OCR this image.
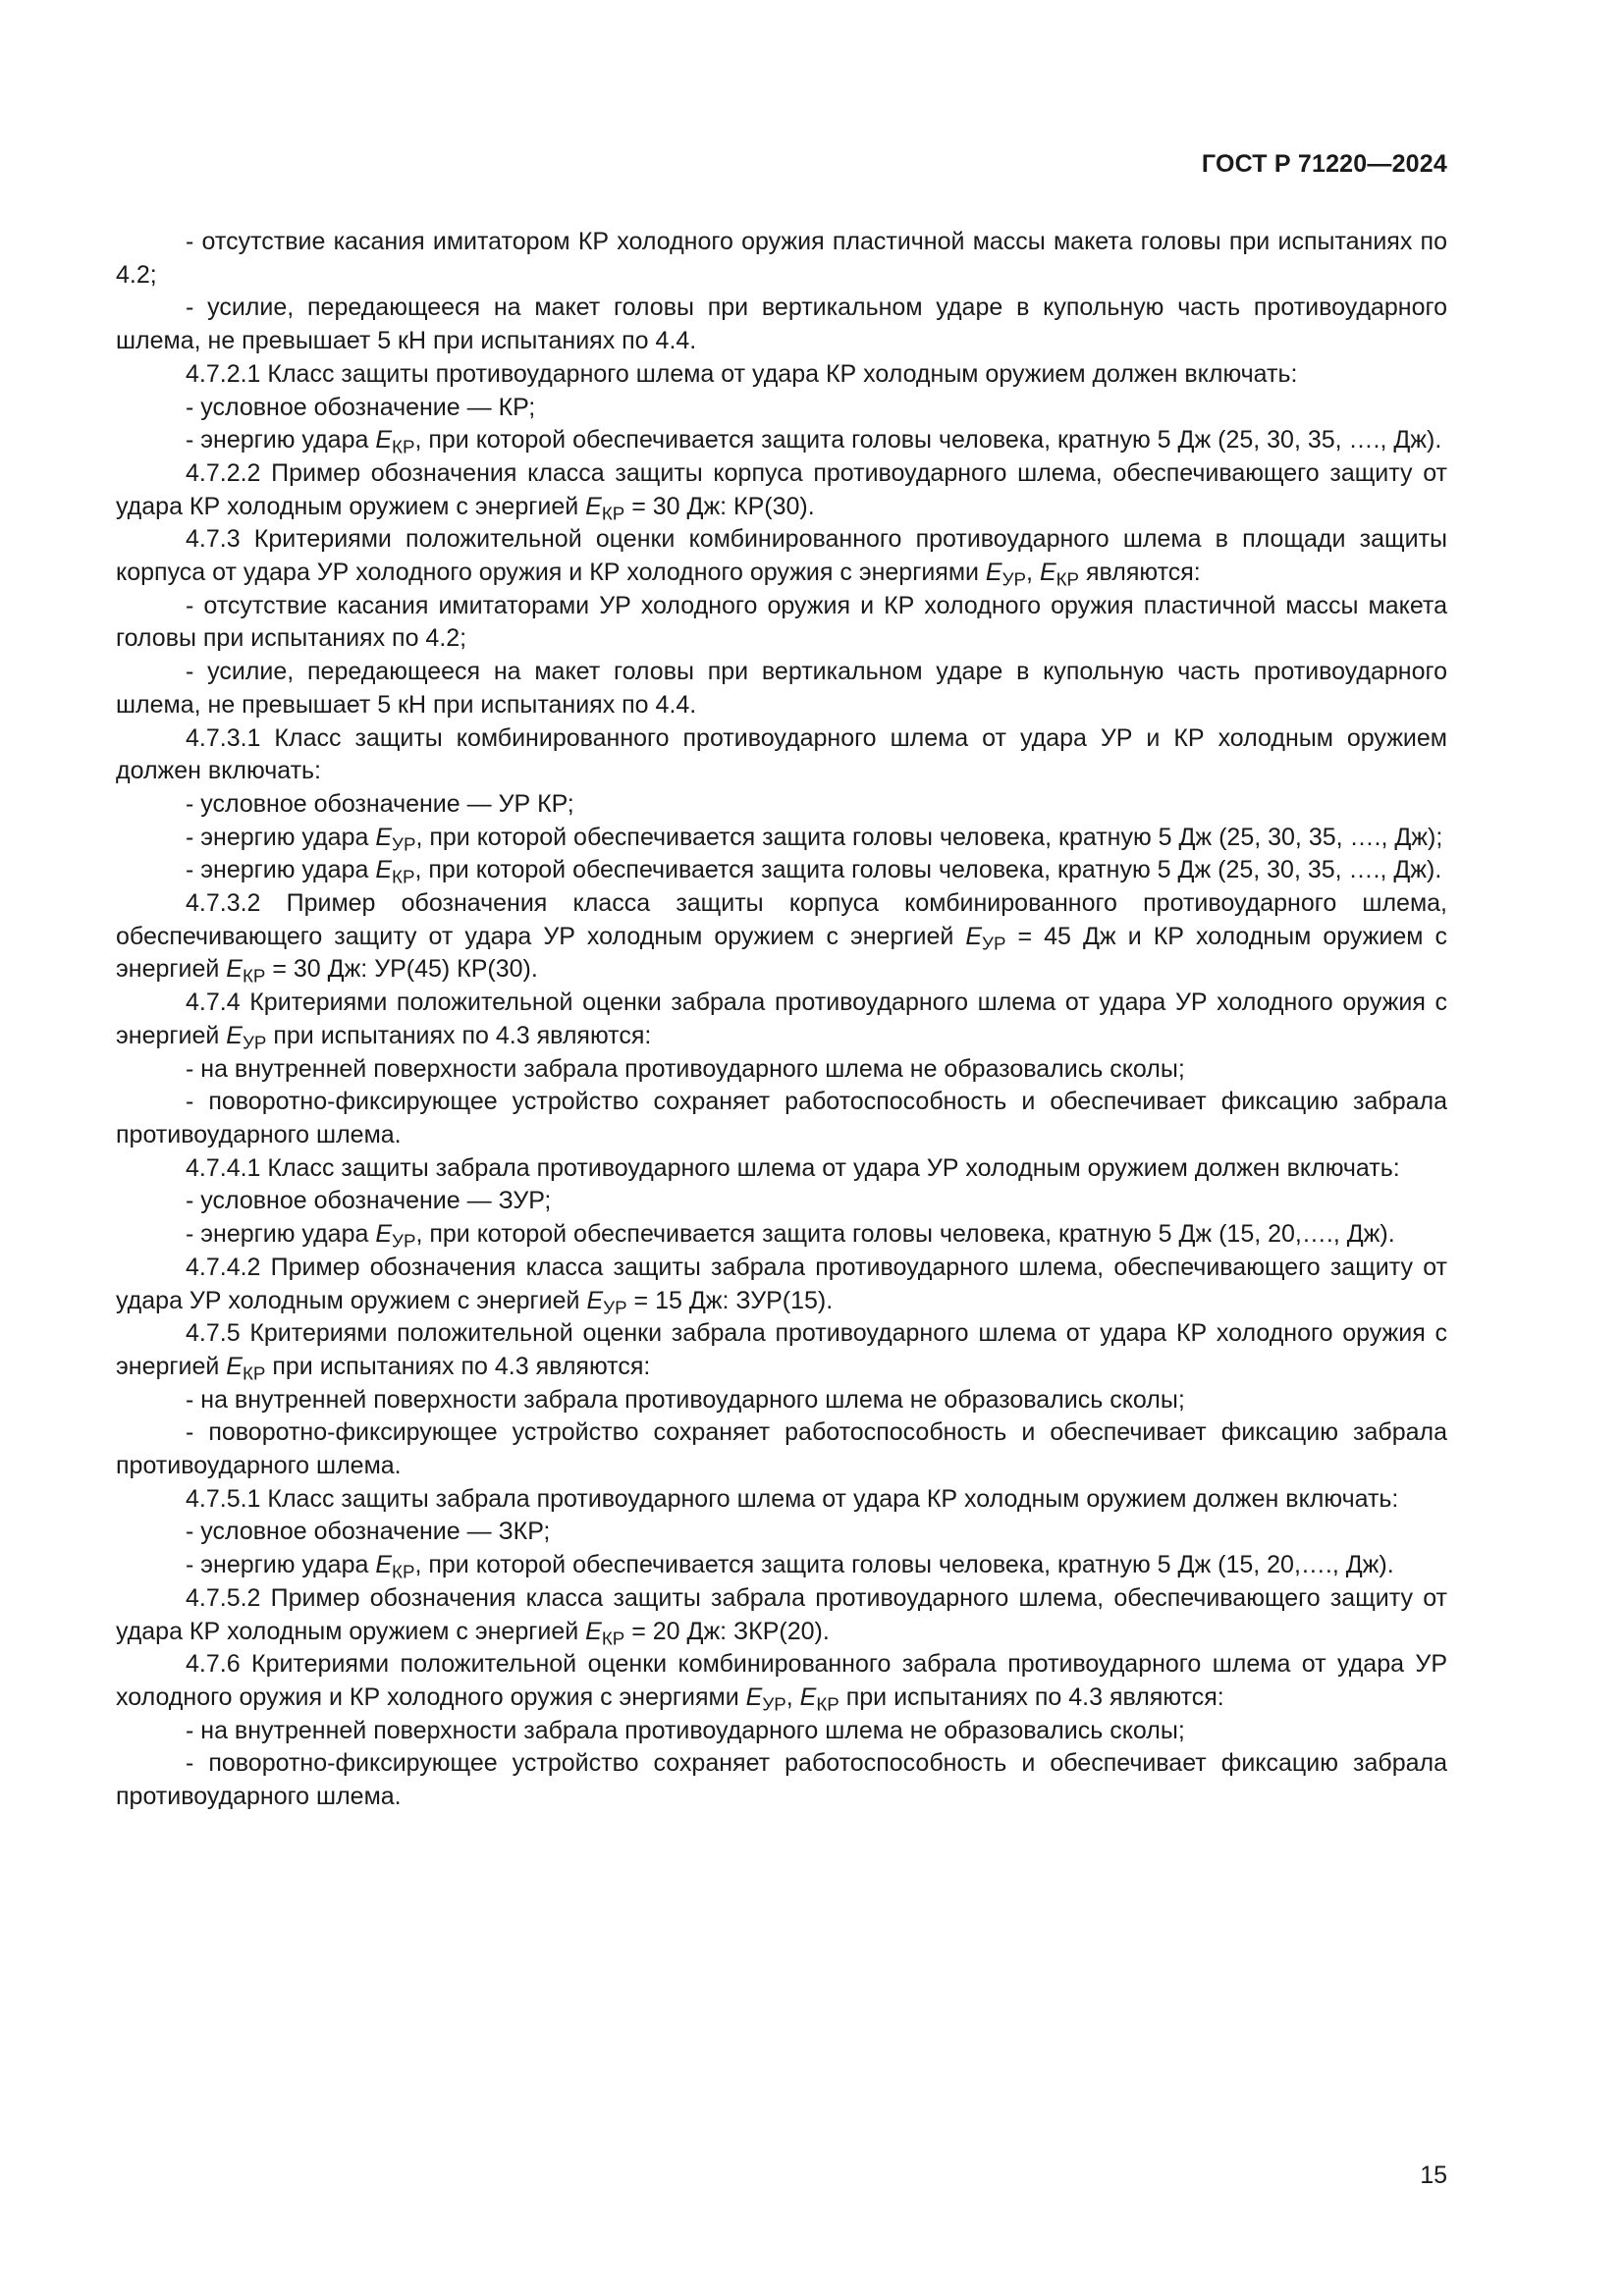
ГОСТ Р 71220—2024

- отсутствие касания имитатором КР холодного оружия пластичной массы макета головы при испытаниях по 4.2;

- усилие, передающееся на макет головы при вертикальном ударе в купольную часть противоударного шлема, не превышает 5 кН при испытаниях по 4.4.

4.7.2.1 Класс защиты противоударного шлема от удара КР холодным оружием должен включать:

- условное обозначение — КР;

- энергию удара $E_{КР}$, при которой обеспечивается защита головы человека, кратную 5 Дж (25, 30, 35, …., Дж).

4.7.2.2 Пример обозначения класса защиты корпуса противоударного шлема, обеспечивающего защиту от удара КР холодным оружием с энергией $E_{КР} = 30$ Дж: КР(30).

4.7.3 Критериями положительной оценки комбинированного противоударного шлема в площади защиты корпуса от удара УР холодного оружия и КР холодного оружия с энергиями $E_{УР}$, $E_{КР}$ являются:

- отсутствие касания имитаторами УР холодного оружия и КР холодного оружия пластичной массы макета головы при испытаниях по 4.2;

- усилие, передающееся на макет головы при вертикальном ударе в купольную часть противоударного шлема, не превышает 5 кН при испытаниях по 4.4.

4.7.3.1 Класс защиты комбинированного противоударного шлема от удара УР и КР холодным оружием должен включать:

- условное обозначение — УР КР;

- энергию удара $E_{УР}$, при которой обеспечивается защита головы человека, кратную 5 Дж (25, 30, 35, …., Дж);

- энергию удара $E_{КР}$, при которой обеспечивается защита головы человека, кратную 5 Дж (25, 30, 35, …., Дж).

4.7.3.2 Пример обозначения класса защиты корпуса комбинированного противоударного шлема, обеспечивающего защиту от удара УР холодным оружием с энергией $E_{УР} = 45$ Дж и КР холодным оружием с энергией $E_{КР} = 30$ Дж: УР(45) КР(30).

4.7.4 Критериями положительной оценки забрала противоударного шлема от удара УР холодного оружия с энергией $E_{УР}$ при испытаниях по 4.3 являются:

- на внутренней поверхности забрала противоударного шлема не образовались сколы;

- поворотно-фиксирующее устройство сохраняет работоспособность и обеспечивает фиксацию забрала противоударного шлема.

4.7.4.1 Класс защиты забрала противоударного шлема от удара УР холодным оружием должен включать:

- условное обозначение — ЗУР;

- энергию удара $E_{УР}$, при которой обеспечивается защита головы человека, кратную 5 Дж (15, 20,…., Дж).

4.7.4.2 Пример обозначения класса защиты забрала противоударного шлема, обеспечивающего защиту от удара УР холодным оружием с энергией $E_{УР} = 15$ Дж: ЗУР(15).

4.7.5 Критериями положительной оценки забрала противоударного шлема от удара КР холодного оружия с энергией $E_{КР}$ при испытаниях по 4.3 являются:

- на внутренней поверхности забрала противоударного шлема не образовались сколы;

- поворотно-фиксирующее устройство сохраняет работоспособность и обеспечивает фиксацию забрала противоударного шлема.

4.7.5.1 Класс защиты забрала противоударного шлема от удара КР холодным оружием должен включать:

- условное обозначение — ЗКР;

- энергию удара $E_{КР}$, при которой обеспечивается защита головы человека, кратную 5 Дж (15, 20,…., Дж).

4.7.5.2 Пример обозначения класса защиты забрала противоударного шлема, обеспечивающего защиту от удара КР холодным оружием с энергией $E_{КР} = 20$ Дж: ЗКР(20).

4.7.6 Критериями положительной оценки комбинированного забрала противоударного шлема от удара УР холодного оружия и КР холодного оружия с энергиями $E_{УР}$, $E_{КР}$ при испытаниях по 4.3 являются:

- на внутренней поверхности забрала противоударного шлема не образовались сколы;

- поворотно-фиксирующее устройство сохраняет работоспособность и обеспечивает фиксацию забрала противоударного шлема.

15
